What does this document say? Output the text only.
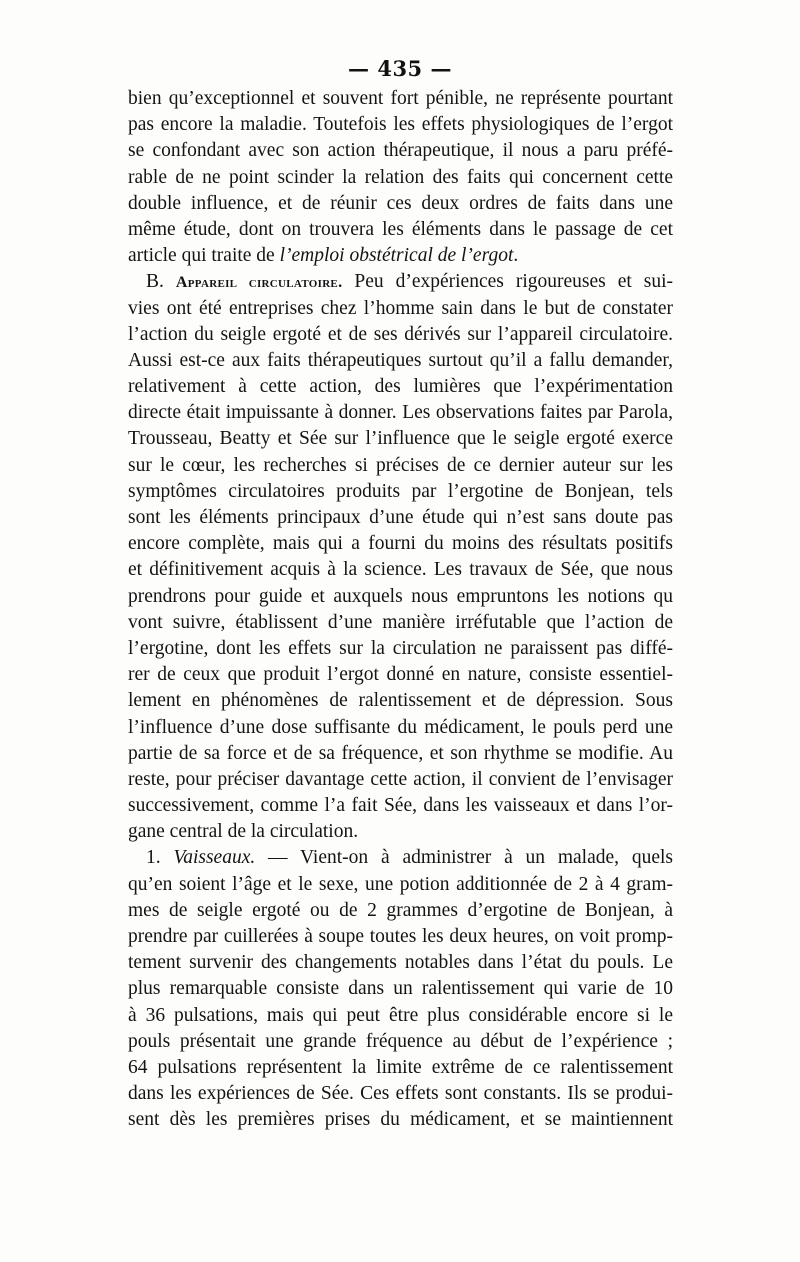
— 435 —
bien qu’exceptionnel et souvent fort pénible, ne représente pourtant
pas encore la maladie. Toutefois les effets physiologiques de l’ergot
se confondant avec son action thérapeutique, il nous a paru préfé-
rable de ne point scinder la relation des faits qui concernent cette
double influence, et de réunir ces deux ordres de faits dans une
même étude, dont on trouvera les éléments dans le passage de cet
article qui traite de l’emploi obstétrical de l’ergot.
B. Appareil circulatoire. Peu d’expériences rigoureuses et sui-
vies ont été entreprises chez l’homme sain dans le but de constater
l’action du seigle ergoté et de ses dérivés sur l’appareil circulatoire.
Aussi est-ce aux faits thérapeutiques surtout qu’il a fallu demander,
relativement à cette action, des lumières que l’expérimentation
directe était impuissante à donner. Les observations faites par Parola,
Trousseau, Beatty et Sée sur l’influence que le seigle ergoté exerce
sur le cœur, les recherches si précises de ce dernier auteur sur les
symptômes circulatoires produits par l’ergotine de Bonjean, tels
sont les éléments principaux d’une étude qui n’est sans doute pas
encore complète, mais qui a fourni du moins des résultats positifs
et définitivement acquis à la science. Les travaux de Sée, que nous
prendrons pour guide et auxquels nous empruntons les notions qu
vont suivre, établissent d’une manière irréfutable que l’action de
l’ergotine, dont les effets sur la circulation ne paraissent pas diffé-
rer de ceux que produit l’ergot donné en nature, consiste essentiel-
lement en phénomènes de ralentissement et de dépression. Sous
l’influence d’une dose suffisante du médicament, le pouls perd une
partie de sa force et de sa fréquence, et son rhythme se modifie. Au
reste, pour préciser davantage cette action, il convient de l’envisager
successivement, comme l’a fait Sée, dans les vaisseaux et dans l’or-
gane central de la circulation.
1. Vaisseaux. — Vient-on à administrer à un malade, quels
qu’en soient l’âge et le sexe, une potion additionnée de 2 à 4 gram-
mes de seigle ergoté ou de 2 grammes d’ergotine de Bonjean, à
prendre par cuillerées à soupe toutes les deux heures, on voit promp-
tement survenir des changements notables dans l’état du pouls. Le
plus remarquable consiste dans un ralentissement qui varie de 10
à 36 pulsations, mais qui peut être plus considérable encore si le
pouls présentait une grande fréquence au début de l’expérience ;
64 pulsations représentent la limite extrême de ce ralentissement
dans les expériences de Sée. Ces effets sont constants. Ils se produi-
sent dès les premières prises du médicament, et se maintiennent
